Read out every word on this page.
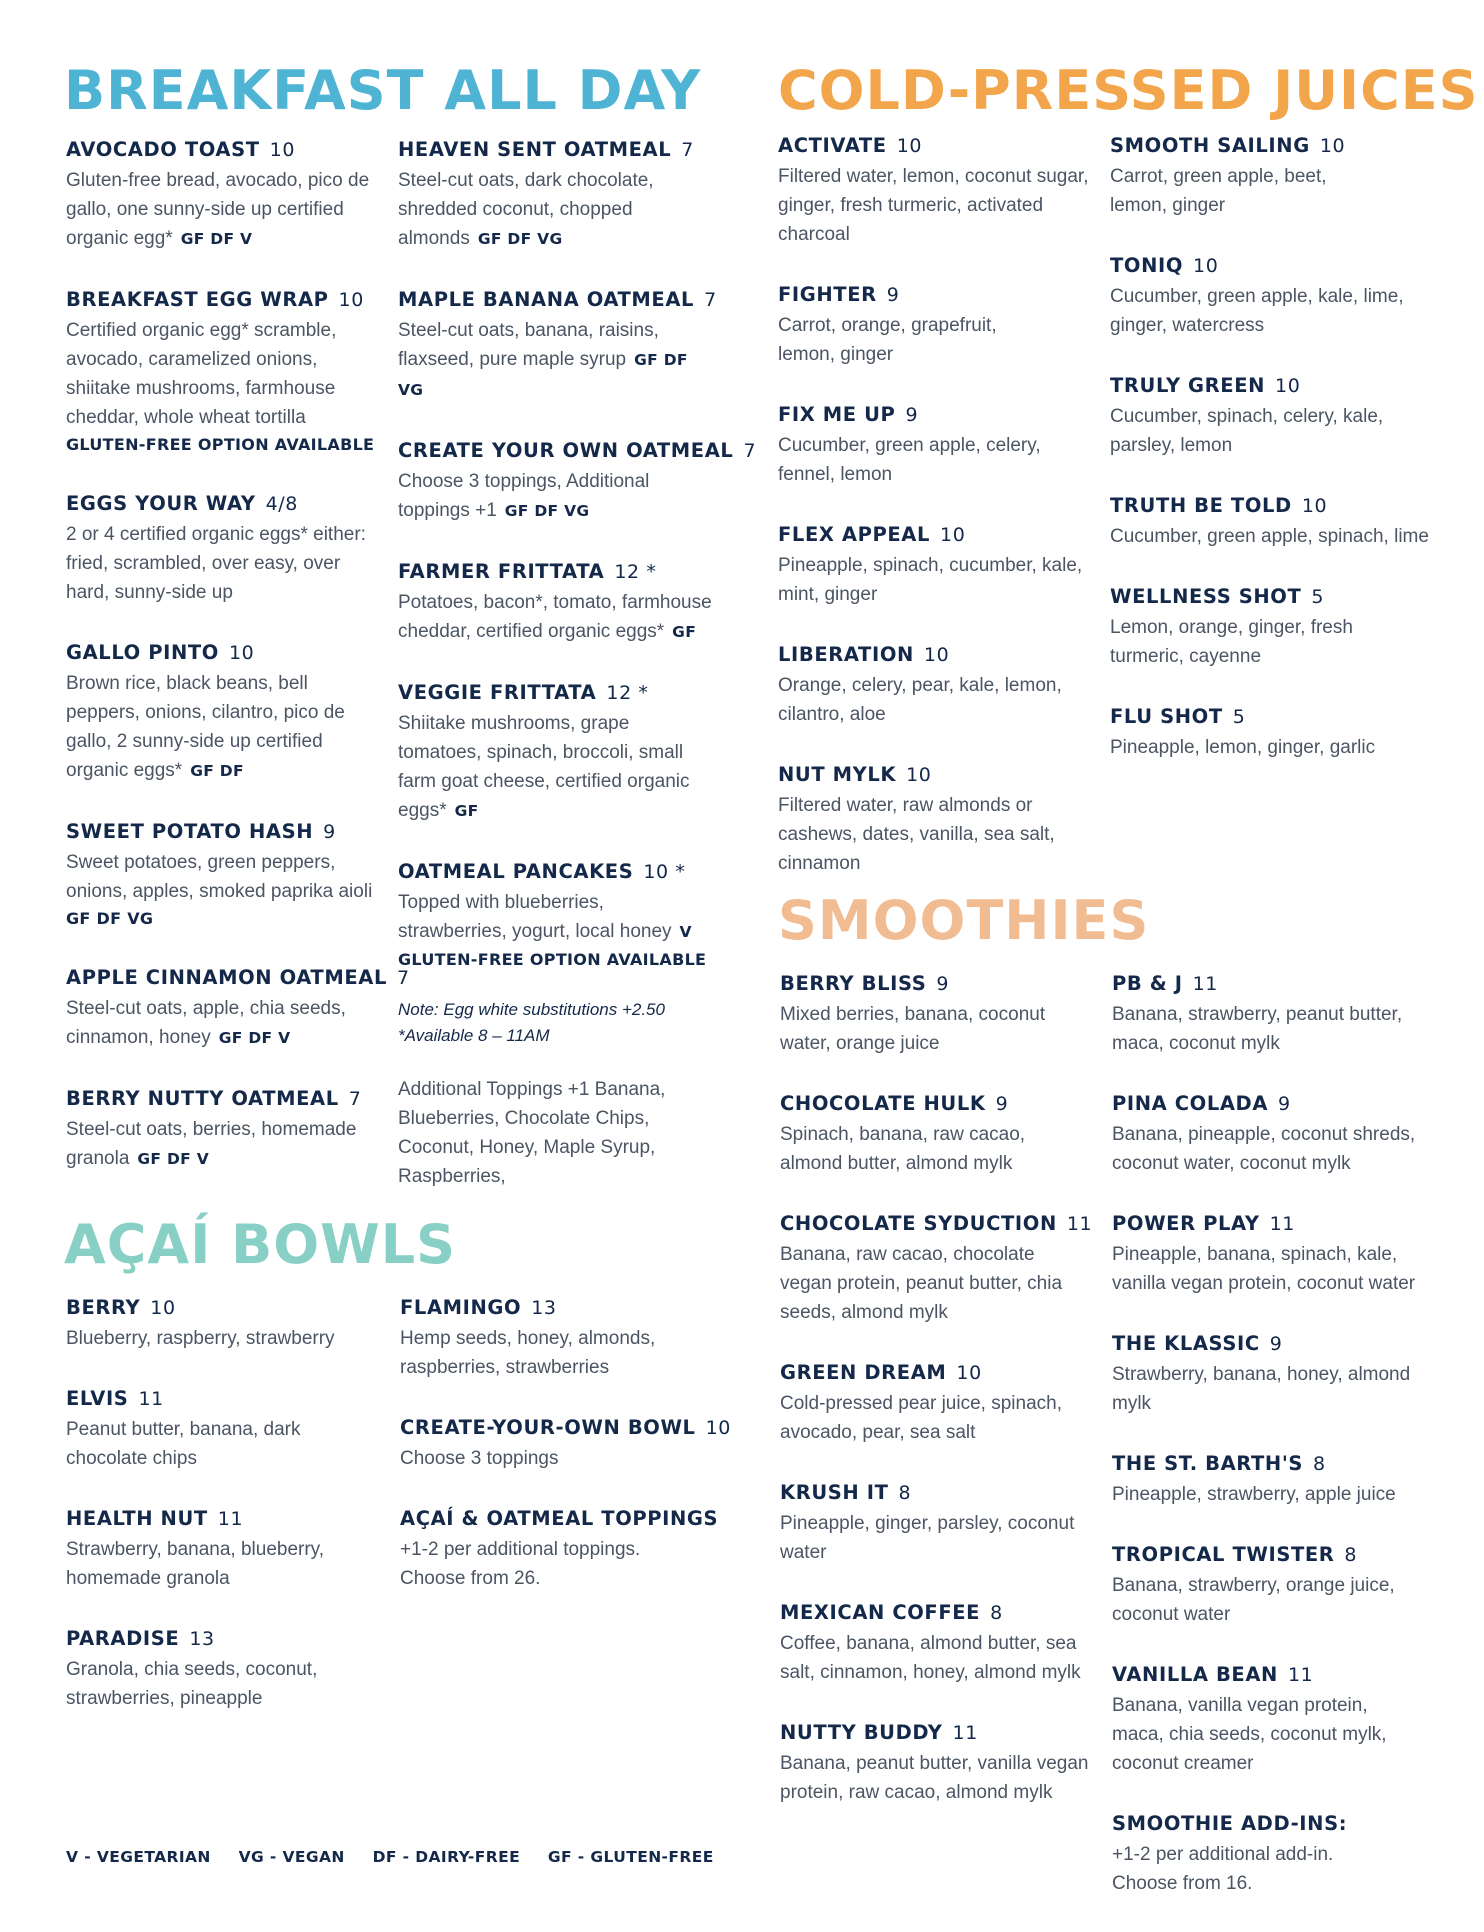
BREAKFAST ALL DAY COLD-PRESSED JUICES
SMOOTHIES
AÇAÍ BOWLS
AVOCADO TOAST 10
Gluten-free bread, avocado, pico de gallo, one sunny-side up certified organic egg* GF DF V
BREAKFAST EGG WRAP 10
Certified organic egg* scramble, avocado, caramelized onions, shiitake mushrooms, farmhouse cheddar, whole wheat tortilla
GLUTEN-FREE OPTION AVAILABLE
EGGS YOUR WAY 4/8
2 or 4 certified organic eggs* either: fried, scrambled, over easy, over hard, sunny-side up
GALLO PINTO 10
Brown rice, black beans, bell peppers, onions, cilantro, pico de gallo, 2 sunny-side up certified organic eggs* GF DF
SWEET POTATO HASH 9
Sweet potatoes, green peppers, onions, apples, smoked paprika aioli
GF DF VG
APPLE CINNAMON OATMEAL 7
Steel-cut oats, apple, chia seeds, cinnamon, honey GF DF V
BERRY NUTTY OATMEAL 7
Steel-cut oats, berries, homemade granola GF DF V
HEAVEN SENT OATMEAL 7
Steel-cut oats, dark chocolate, shredded coconut, chopped almonds GF DF VG
MAPLE BANANA OATMEAL 7
Steel-cut oats, banana, raisins, flaxseed, pure maple syrup GF DF VG
CREATE YOUR OWN OATMEAL 7
Choose 3 toppings, Additional toppings +1 GF DF VG
FARMER FRITTATA 12 *
Potatoes, bacon*, tomato, farmhouse cheddar, certified organic eggs* GF
VEGGIE FRITTATA 12 *
Shiitake mushrooms, grape tomatoes, spinach, broccoli, small farm goat cheese, certified organic eggs* GF
OATMEAL PANCAKES 10 *
Topped with blueberries, strawberries, yogurt, local honey V
GLUTEN-FREE OPTION AVAILABLE
Note: Egg white substitutions +2.50
*Available 8 – 11AM
Additional Toppings +1 Banana, Blueberries, Chocolate Chips, Coconut, Honey, Maple Syrup, Raspberries,
BERRY 10
Blueberry, raspberry, strawberry
ELVIS 11
Peanut butter, banana, dark chocolate chips
HEALTH NUT 11
Strawberry, banana, blueberry, homemade granola
PARADISE 13
Granola, chia seeds, coconut, strawberries, pineapple
FLAMINGO 13
Hemp seeds, honey, almonds, raspberries, strawberries
CREATE-YOUR-OWN BOWL 10
Choose 3 toppings
AÇAÍ & OATMEAL TOPPINGS
+1-2 per additional toppings. Choose from 26.
ACTIVATE 10
Filtered water, lemon, coconut sugar, ginger, fresh turmeric, activated charcoal
FIGHTER 9
Carrot, orange, grapefruit, lemon, ginger
FIX ME UP 9
Cucumber, green apple, celery, fennel, lemon
FLEX APPEAL 10
Pineapple, spinach, cucumber, kale, mint, ginger
LIBERATION 10
Orange, celery, pear, kale, lemon, cilantro, aloe
NUT MYLK 10
Filtered water, raw almonds or cashews, dates, vanilla, sea salt, cinnamon
SMOOTH SAILING 10
Carrot, green apple, beet, lemon, ginger
TONIQ 10
Cucumber, green apple, kale, lime, ginger, watercress
TRULY GREEN 10
Cucumber, spinach, celery, kale, parsley, lemon
TRUTH BE TOLD 10
Cucumber, green apple, spinach, lime
WELLNESS SHOT 5
Lemon, orange, ginger, fresh turmeric, cayenne
FLU SHOT 5
Pineapple, lemon, ginger, garlic
BERRY BLISS 9
Mixed berries, banana, coconut water, orange juice
CHOCOLATE HULK 9
Spinach, banana, raw cacao, almond butter, almond mylk
CHOCOLATE SYDUCTION 11
Banana, raw cacao, chocolate vegan protein, peanut butter, chia seeds, almond mylk
GREEN DREAM 10
Cold-pressed pear juice, spinach, avocado, pear, sea salt
KRUSH IT 8
Pineapple, ginger, parsley, coconut water
MEXICAN COFFEE 8
Coffee, banana, almond butter, sea salt, cinnamon, honey, almond mylk
NUTTY BUDDY 11
Banana, peanut butter, vanilla vegan protein, raw cacao, almond mylk
PB & J 11
Banana, strawberry, peanut butter, maca, coconut mylk
PINA COLADA 9
Banana, pineapple, coconut shreds, coconut water, coconut mylk
POWER PLAY 11
Pineapple, banana, spinach, kale, vanilla vegan protein, coconut water
THE KLASSIC 9
Strawberry, banana, honey, almond mylk
THE ST. BARTH'S 8
Pineapple, strawberry, apple juice
TROPICAL TWISTER 8
Banana, strawberry, orange juice, coconut water
VANILLA BEAN 11
Banana, vanilla vegan protein, maca, chia seeds, coconut mylk, coconut creamer
SMOOTHIE ADD-INS:
+1-2 per additional add-in. Choose from 16.
V - VEGETARIAN VG - VEGAN DF - DAIRY-FREE GF - GLUTEN-FREE
